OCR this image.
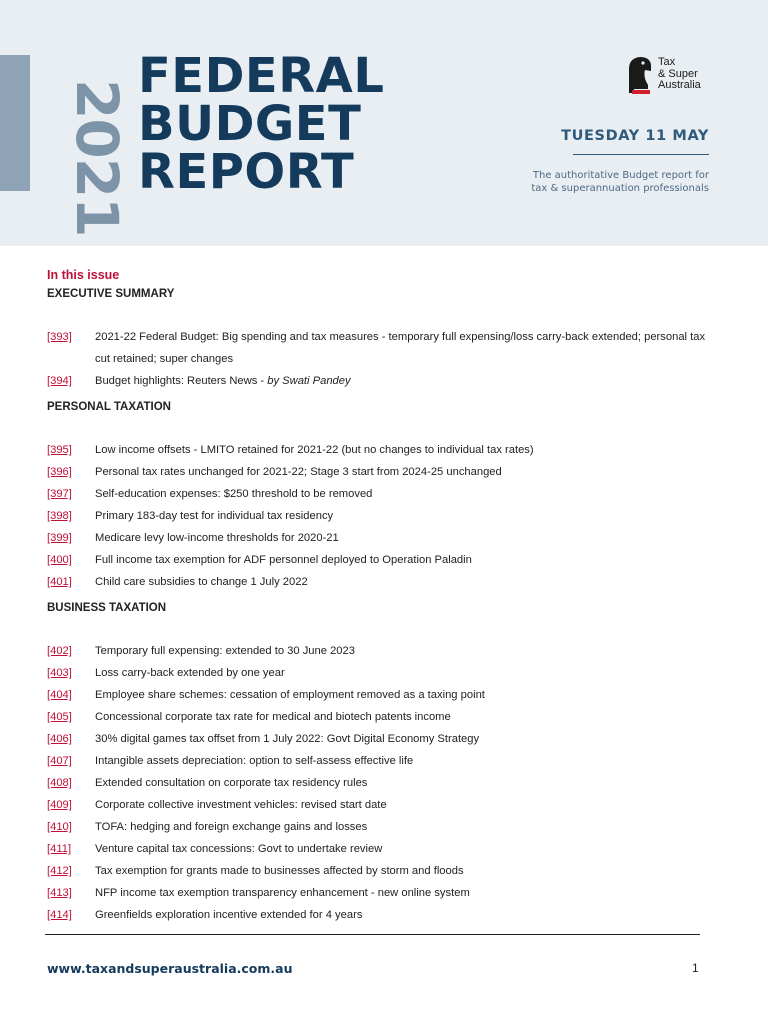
2021
FEDERAL
BUDGET
REPORT
Tax
& Super
Australia
TUESDAY 11 MAY
The authoritative Budget report for
tax & superannuation professionals
In this issue
EXECUTIVE SUMMARY
[393] 2021-22 Federal Budget: Big spending and tax measures - temporary full expensing/loss carry-back extended; personal tax cut retained; super changes
[394] Budget highlights: Reuters News - by Swati Pandey
PERSONAL TAXATION
[395] Low income offsets - LMITO retained for 2021-22 (but no changes to individual tax rates)
[396] Personal tax rates unchanged for 2021-22; Stage 3 start from 2024-25 unchanged
[397] Self-education expenses: $250 threshold to be removed
[398] Primary 183-day test for individual tax residency
[399] Medicare levy low-income thresholds for 2020-21
[400] Full income tax exemption for ADF personnel deployed to Operation Paladin
[401] Child care subsidies to change 1 July 2022
BUSINESS TAXATION
[402] Temporary full expensing: extended to 30 June 2023
[403] Loss carry-back extended by one year
[404] Employee share schemes: cessation of employment removed as a taxing point
[405] Concessional corporate tax rate for medical and biotech patents income
[406] 30% digital games tax offset from 1 July 2022: Govt Digital Economy Strategy
[407] Intangible assets depreciation: option to self-assess effective life
[408] Extended consultation on corporate tax residency rules
[409] Corporate collective investment vehicles: revised start date
[410] TOFA: hedging and foreign exchange gains and losses
[411] Venture capital tax concessions: Govt to undertake review
[412] Tax exemption for grants made to businesses affected by storm and floods
[413] NFP income tax exemption transparency enhancement - new online system
[414] Greenfields exploration incentive extended for 4 years
www.taxandsuperaustralia.com.au	1
